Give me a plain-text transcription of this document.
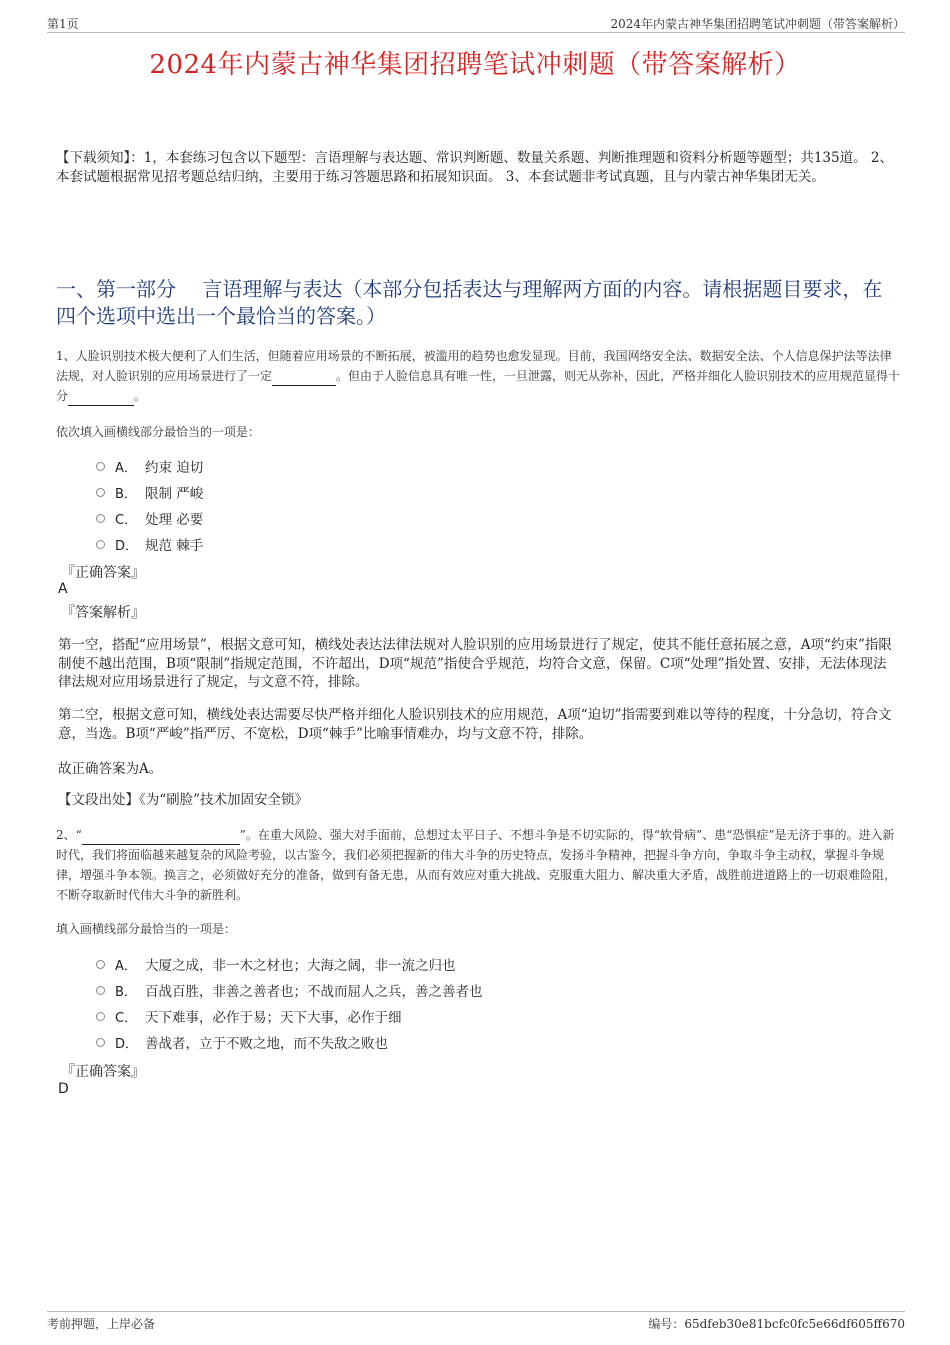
第1页	2024年内蒙古神华集团招聘笔试冲刺题（带答案解析）
2024年内蒙古神华集团招聘笔试冲刺题（带答案解析）
【下载须知】：1，本套练习包含以下题型：言语理解与表达题、常识判断题、数量关系题、判断推理题和资料分析题等题型；共135道。 2、本套试题根据常见招考题总结归纳，主要用于练习答题思路和拓展知识面。 3、本套试题非考试真题，且与内蒙古神华集团无关。
一、第一部分　 言语理解与表达（本部分包括表达与理解两方面的内容。请根据题目要求，在四个选项中选出一个最恰当的答案。）
1、人脸识别技术极大便利了人们生活，但随着应用场景的不断拓展，被滥用的趋势也愈发显现。目前，我国网络安全法、数据安全法、个人信息保护法等法律法规，对人脸识别的应用场景进行了一定	。但由于人脸信息具有唯一性，一旦泄露，则无从弥补，因此，严格并细化人脸识别技术的应用规范显得十分	。
依次填入画横线部分最恰当的一项是：
A． 约束 迫切
B． 限制 严峻
C． 处理 必要
D． 规范 棘手
『正确答案』
A
『答案解析』
第一空，搭配“应用场景”，根据文意可知，横线处表达法律法规对人脸识别的应用场景进行了规定，使其不能任意拓展之意，A项“约束”指限制使不越出范围，B项“限制”指规定范围，不许超出，D项“规范”指使合乎规范，均符合文意，保留。C项“处理”指处置、安排，无法体现法律法规对应用场景进行了规定，与文意不符，排除。
第二空，根据文意可知，横线处表达需要尽快严格并细化人脸识别技术的应用规范，A项“迫切”指需要到难以等待的程度，十分急切，符合文意，当选。B项“严峻”指严厉、不宽松，D项“棘手”比喻事情难办，均与文意不符，排除。
故正确答案为A。
【文段出处】《为“刷脸”技术加固安全锁》
2、“	”。在重大风险、强大对手面前，总想过太平日子、不想斗争是不切实际的，得“软骨病”、患“恐惧症”是无济于事的。进入新时代，我们将面临越来越复杂的风险考验，以古鉴今，我们必须把握新的伟大斗争的历史特点，发扬斗争精神，把握斗争方向，争取斗争主动权，掌握斗争规律，增强斗争本领。换言之，必须做好充分的准备，做到有备无患，从而有效应对重大挑战、克服重大阻力、解决重大矛盾，战胜前进道路上的一切艰难险阻，不断夺取新时代伟大斗争的新胜利。
填入画横线部分最恰当的一项是：
A． 大厦之成，非一木之材也；大海之阔，非一流之归也
B． 百战百胜，非善之善者也；不战而屈人之兵，善之善者也
C． 天下难事，必作于易；天下大事，必作于细
D． 善战者，立于不败之地，而不失敌之败也
『正确答案』
D
考前押题，上岸必备	编号：65dfeb30e81bcfc0fc5e66df605ff670
